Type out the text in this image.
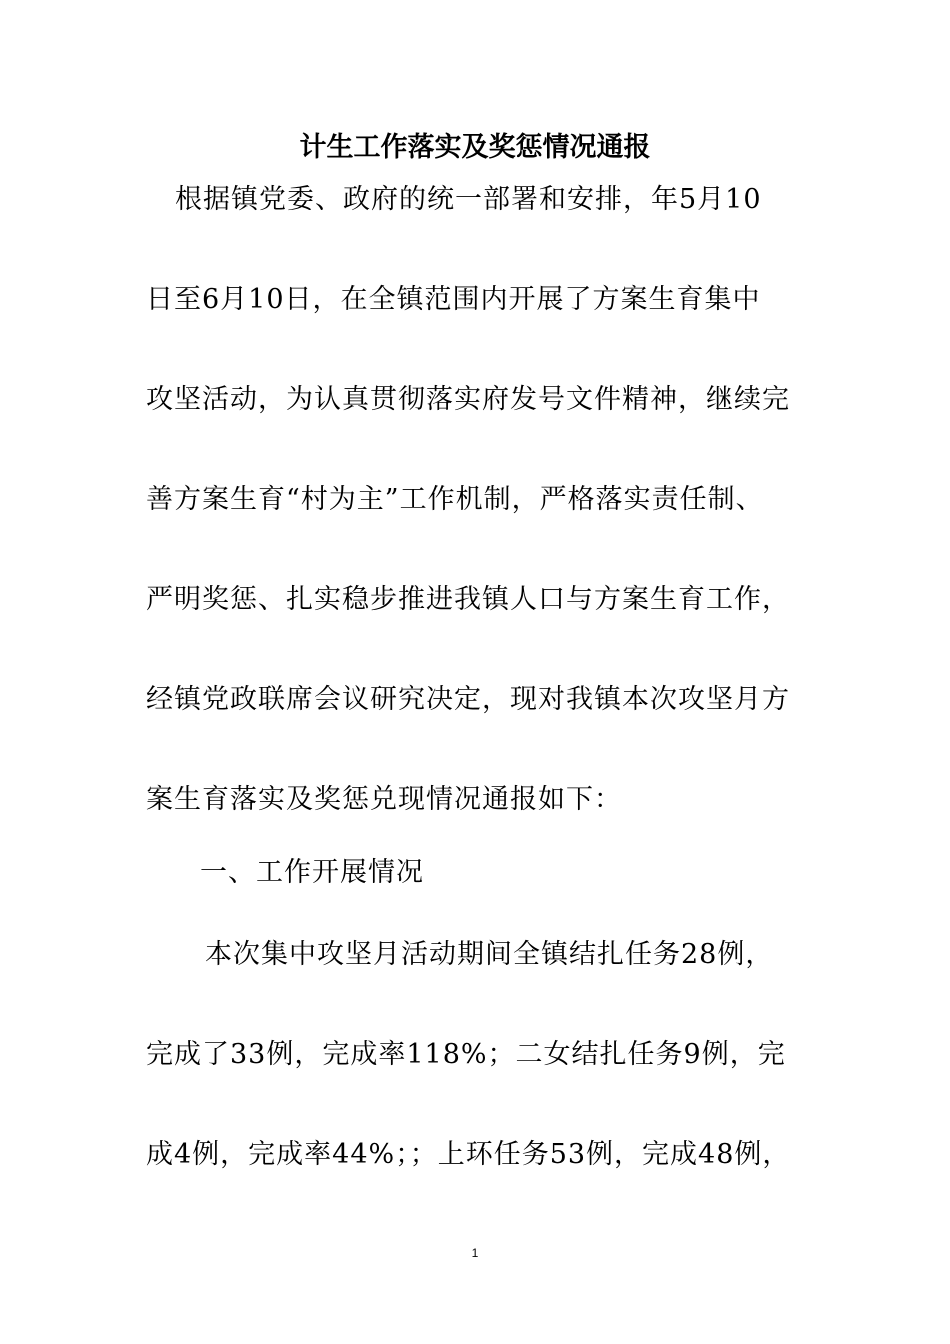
计生工作落实及奖惩情况通报
根据镇党委、政府的统一部署和安排，年5月10
日至6月10日，在全镇范围内开展了方案生育集中
攻坚活动，为认真贯彻落实府发号文件精神，继续完
善方案生育“村为主”工作机制，严格落实责任制、
严明奖惩、扎实稳步推进我镇人口与方案生育工作，
经镇党政联席会议研究决定，现对我镇本次攻坚月方
案生育落实及奖惩兑现情况通报如下：
一、工作开展情况
本次集中攻坚月活动期间全镇结扎任务28例，
完成了33例，完成率118%；二女结扎任务9例，完
成4例，完成率44%；；上环任务53例，完成48例，
1
